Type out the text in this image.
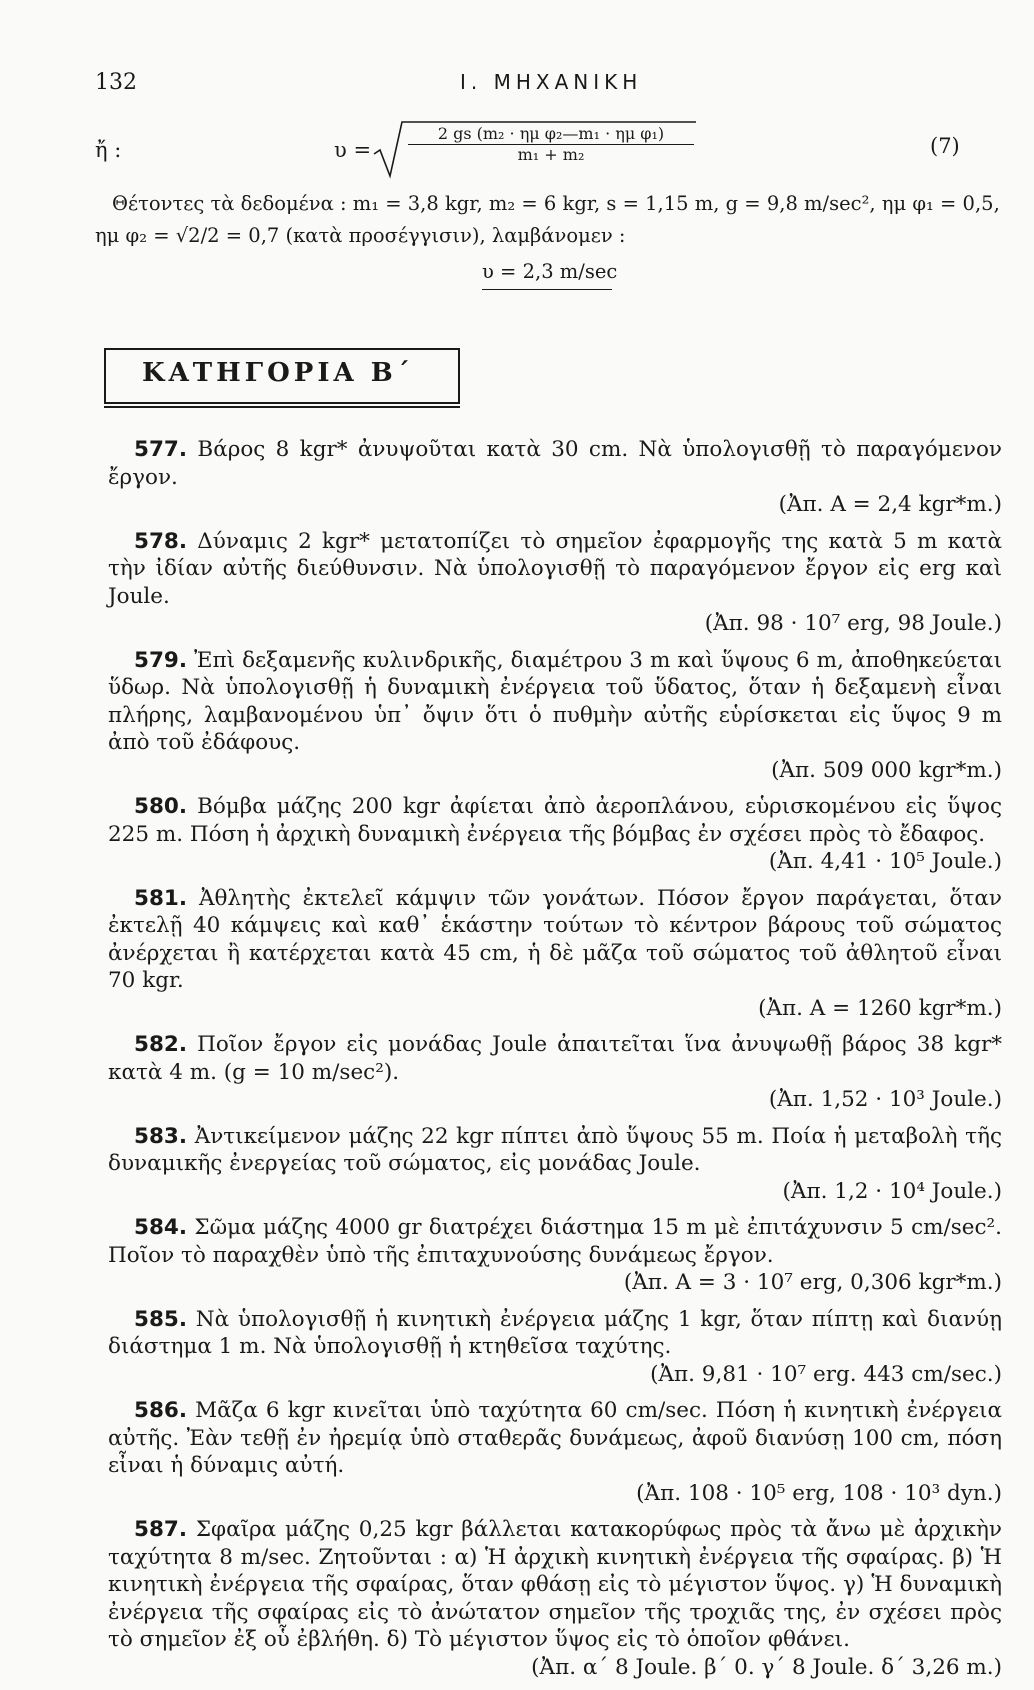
132	Ι. ΜΗΧΑΝΙΚΗ
ἤ :	$\upsilon = \frac{\text{2 gs (m₂ · ημ φ₂—m₁ · ημ φ₁)}}{\text{m₁ + m₂}}$	(7)
Θέτοντες τὰ δεδομένα : m₁ = 3,8 kgr, m₂ = 6 kgr, s = 1,15 m, g = 9,8 m/sec², ημ φ₁ = 0,5,
ημ φ₂ = √2/2 = 0,7 (κατὰ προσέγγισιν), λαμβάνομεν :
υ = 2,3 m/sec
ΚΑΤΗΓΟΡΙΑ Β΄
577. Βάρος 8 kgr* ἀνυψοῦται κατὰ 30 cm. Νὰ ὑπολογισθῇ τὸ παραγόμενον ἔργον.
(Ἀπ. A = 2,4 kgr*m.)
578. Δύναμις 2 kgr* μετατοπίζει τὸ σημεῖον ἐφαρμογῆς της κατὰ 5 m κατὰ τὴν ἰδίαν αὐτῆς διεύθυνσιν. Νὰ ὑπολογισθῇ τὸ παραγόμενον ἔργον εἰς erg καὶ Joule.
(Ἀπ. 98 · 10⁷ erg, 98 Joule.)
579. Ἐπὶ δεξαμενῆς κυλινδρικῆς, διαμέτρου 3 m καὶ ὕψους 6 m, ἀποθηκεύεται ὕδωρ. Νὰ ὑπολογισθῇ ἡ δυναμικὴ ἐνέργεια τοῦ ὕδατος, ὅταν ἡ δεξαμενὴ εἶναι πλήρης, λαμβανομένου ὑπ᾽ ὄψιν ὅτι ὁ πυθμὴν αὐτῆς εὑρίσκεται εἰς ὕψος 9 m ἀπὸ τοῦ ἐδάφους.
(Ἀπ. 509 000 kgr*m.)
580. Βόμβα μάζης 200 kgr ἀφίεται ἀπὸ ἀεροπλάνου, εὑρισκομένου εἰς ὕψος 225 m. Πόση ἡ ἀρχικὴ δυναμικὴ ἐνέργεια τῆς βόμβας ἐν σχέσει πρὸς τὸ ἔδαφος.
(Ἀπ. 4,41 · 10⁵ Joule.)
581. Ἀθλητὴς ἐκτελεῖ κάμψιν τῶν γονάτων. Πόσον ἔργον παράγεται, ὅταν ἐκτελῇ 40 κάμψεις καὶ καθ᾽ ἑκάστην τούτων τὸ κέντρον βάρους τοῦ σώματος ἀνέρχεται ἢ κατέρχεται κατὰ 45 cm, ἡ δὲ μᾶζα τοῦ σώματος τοῦ ἀθλητοῦ εἶναι 70 kgr.
(Ἀπ. A = 1260 kgr*m.)
582. Ποῖον ἔργον εἰς μονάδας Joule ἀπαιτεῖται ἵνα ἀνυψωθῇ βάρος 38 kgr* κατὰ 4 m. (g = 10 m/sec²).
(Ἀπ. 1,52 · 10³ Joule.)
583. Ἀντικείμενον μάζης 22 kgr πίπτει ἀπὸ ὕψους 55 m. Ποία ἡ μεταβολὴ τῆς δυναμικῆς ἐνεργείας τοῦ σώματος, εἰς μονάδας Joule.
(Ἀπ. 1,2 · 10⁴ Joule.)
584. Σῶμα μάζης 4000 gr διατρέχει διάστημα 15 m μὲ ἐπιτάχυνσιν 5 cm/sec². Ποῖον τὸ παραχθὲν ὑπὸ τῆς ἐπιταχυνούσης δυνάμεως ἔργον.
(Ἀπ. A = 3 · 10⁷ erg, 0,306 kgr*m.)
585. Νὰ ὑπολογισθῇ ἡ κινητικὴ ἐνέργεια μάζης 1 kgr, ὅταν πίπτῃ καὶ διανύῃ διάστημα 1 m. Νὰ ὑπολογισθῇ ἡ κτηθεῖσα ταχύτης.
(Ἀπ. 9,81 · 10⁷ erg. 443 cm/sec.)
586. Μᾶζα 6 kgr κινεῖται ὑπὸ ταχύτητα 60 cm/sec. Πόση ἡ κινητικὴ ἐνέργεια αὐτῆς. Ἐὰν τεθῇ ἐν ἠρεμίᾳ ὑπὸ σταθερᾶς δυνάμεως, ἀφοῦ διανύσῃ 100 cm, πόση εἶναι ἡ δύναμις αὐτή.
(Ἀπ. 108 · 10⁵ erg, 108 · 10³ dyn.)
587. Σφαῖρα μάζης 0,25 kgr βάλλεται κατακορύφως πρὸς τὰ ἄνω μὲ ἀρχικὴν ταχύτητα 8 m/sec. Ζητοῦνται : α) Ἡ ἀρχικὴ κινητικὴ ἐνέργεια τῆς σφαίρας. β) Ἡ κινητικὴ ἐνέργεια τῆς σφαίρας, ὅταν φθάσῃ εἰς τὸ μέγιστον ὕψος. γ) Ἡ δυναμικὴ ἐνέργεια τῆς σφαίρας εἰς τὸ ἀνώτατον σημεῖον τῆς τροχιᾶς της, ἐν σχέσει πρὸς τὸ σημεῖον ἐξ οὗ ἐβλήθη. δ) Τὸ μέγιστον ὕψος εἰς τὸ ὁποῖον φθάνει.
(Ἀπ. α΄ 8 Joule. β΄ 0. γ΄ 8 Joule. δ΄ 3,26 m.)
